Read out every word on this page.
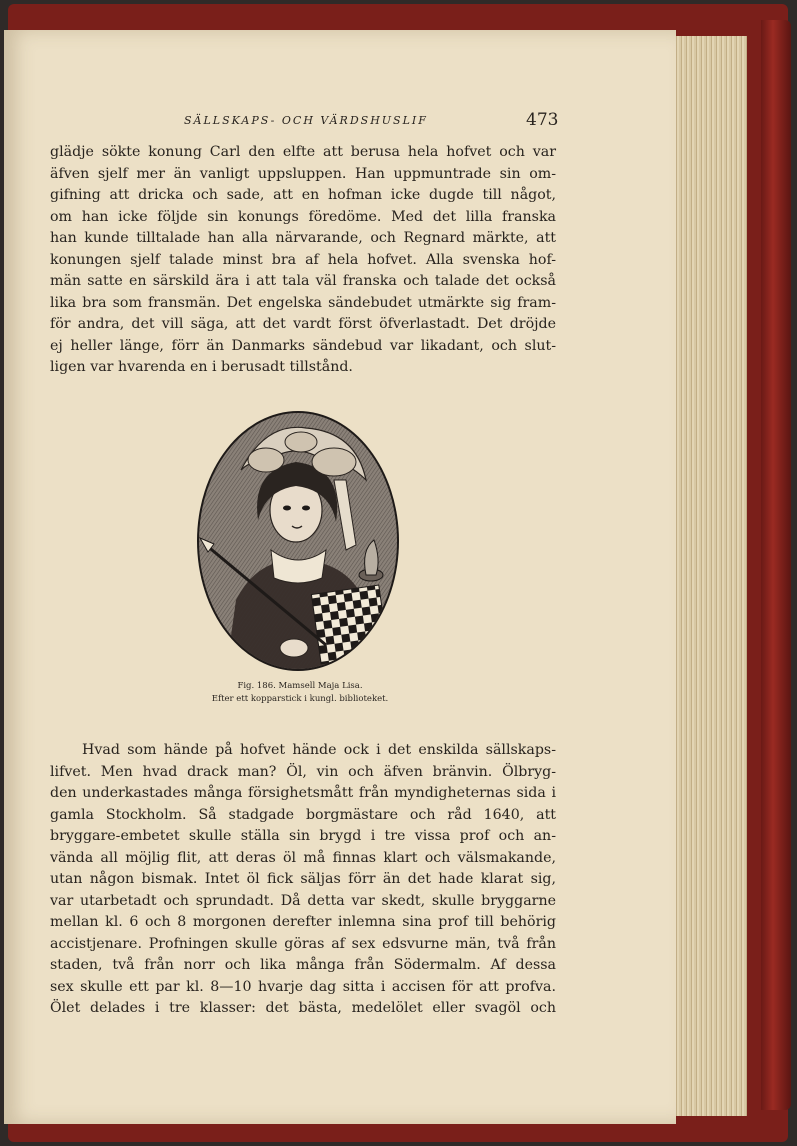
SÄLLSKAPS- OCH VÄRDSHUSLIF	473
glädje sökte konung Carl den elfte att berusa hela hofvet och var
äfven sjelf mer än vanligt uppsluppen. Han uppmuntrade sin om-
gifning att dricka och sade, att en hofman icke dugde till något,
om han icke följde sin konungs föredöme. Med det lilla franska
han kunde tilltalade han alla närvarande, och Regnard märkte, att
konungen sjelf talade minst bra af hela hofvet. Alla svenska hof-
män satte en särskild ära i att tala väl franska och talade det också
lika bra som fransmän. Det engelska sändebudet utmärkte sig fram-
för andra, det vill säga, att det vardt först öfverlastadt. Det dröjde
ej heller länge, förr än Danmarks sändebud var likadant, och slut-
ligen var hvarenda en i berusadt tillstånd.
Fig. 186. Mamsell Maja Lisa.
Efter ett kopparstick i kungl. biblioteket.
Hvad som hände på hofvet hände ock i det enskilda sällskaps-
lifvet. Men hvad drack man? Öl, vin och äfven bränvin. Ölbryg-
den underkastades många försighetsmått från myndigheternas sida i
gamla Stockholm. Så stadgade borgmästare och råd 1640, att
bryggare-embetet skulle ställa sin brygd i tre vissa prof och an-
vända all möjlig flit, att deras öl må finnas klart och välsmakande,
utan någon bismak. Intet öl fick säljas förr än det hade klarat sig,
var utarbetadt och sprundadt. Då detta var skedt, skulle bryggarne
mellan kl. 6 och 8 morgonen derefter inlemna sina prof till behörig
accistjenare. Profningen skulle göras af sex edsvurne män, två från
staden, två från norr och lika många från Södermalm. Af dessa
sex skulle ett par kl. 8—10 hvarje dag sitta i accisen för att profva.
Ölet delades i tre klasser: det bästa, medelölet eller svagöl och
